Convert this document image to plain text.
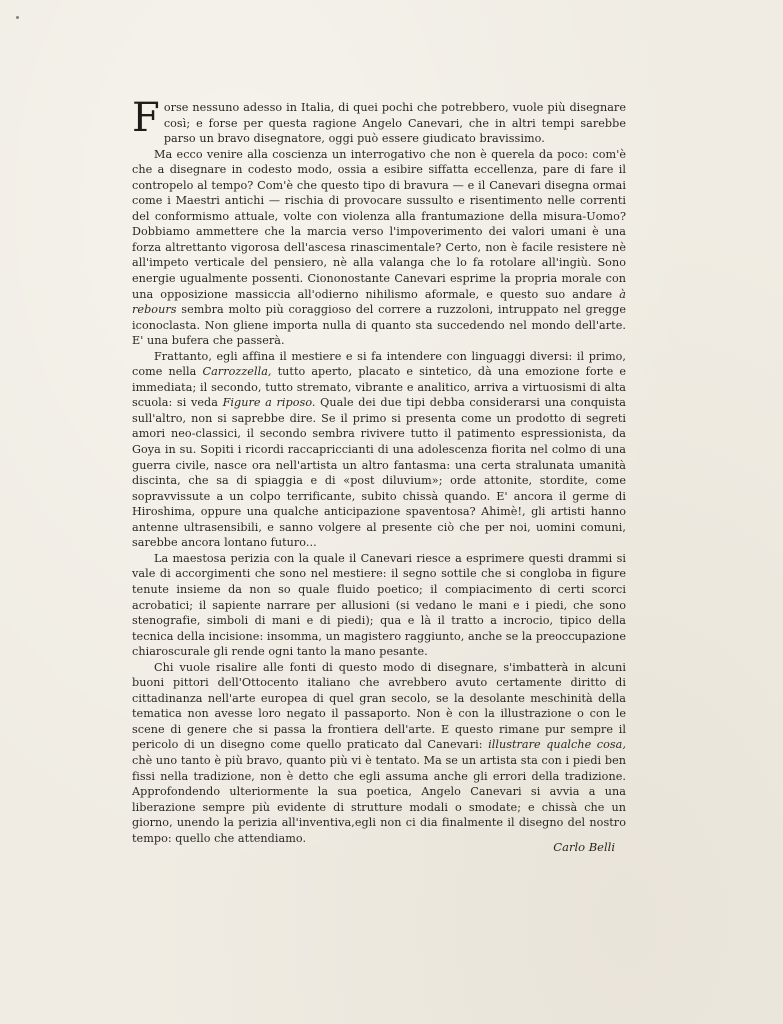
Forse nessuno adesso in Italia, di quei pochi che potrebbero, vuole più disegnare così; e forse per questa ragione Angelo Canevari, che in altri tempi sarebbe parso un bravo disegnatore, oggi può essere giudicato bravissimo.

Ma ecco venire alla coscienza un interrogativo che non è querela da poco: com'è che a disegnare in codesto modo, ossia a esibire siffatta eccellenza, pare di fare il contropelo al tempo? Com'è che questo tipo di bravura — e il Canevari disegna ormai come i Maestri antichi — rischia di provocare sussulto e risentimento nelle correnti del conformismo attuale, volte con violenza alla frantumazione della misura-Uomo? Dobbiamo ammettere che la marcia verso l'impoverimento dei valori umani è una forza altrettanto vigorosa dell'ascesa rinascimentale? Certo, non è facile resistere nè all'impeto verticale del pensiero, nè alla valanga che lo fa rotolare all'ingiù. Sono energie ugualmente possenti. Ciononostante Canevari esprime la propria morale con una opposizione massiccia all'odierno nihilismo aformale, e questo suo andare à rebours sembra molto più coraggioso del correre a ruzzoloni, intruppato nel gregge iconoclasta. Non gliene importa nulla di quanto sta succedendo nel mondo dell'arte. E' una bufera che passerà.

Frattanto, egli affina il mestiere e si fa intendere con linguaggi diversi: il primo, come nella Carrozzella, tutto aperto, placato e sintetico, dà una emozione forte e immediata; il secondo, tutto stremato, vibrante e analitico, arriva a virtuosismi di alta scuola: si veda Figure a riposo. Quale dei due tipi debba considerarsi una conquista sull'altro, non si saprebbe dire. Se il primo si presenta come un prodotto di segreti amori neo-classici, il secondo sembra rivivere tutto il patimento espressionista, da Goya in su. Sopiti i ricordi raccapriccianti di una adolescenza fiorita nel colmo di una guerra civile, nasce ora nell'artista un altro fantasma: una certa stralunata umanità discinta, che sa di spiaggia e di «post diluvium»; orde attonite, stordite, come sopravvissute a un colpo terrificante, subito chissà quando. E' ancora il germe di Hiroshima, oppure una qualche anticipazione spaventosa? Ahimè!, gli artisti hanno antenne ultrasensibili, e sanno volgere al presente ciò che per noi, uomini comuni, sarebbe ancora lontano futuro...

La maestosa perizia con la quale il Canevari riesce a esprimere questi drammi si vale di accorgimenti che sono nel mestiere: il segno sottile che si congloba in figure tenute insieme da non so quale fluido poetico; il compiacimento di certi scorci acrobatici; il sapiente narrare per allusioni (si vedano le mani e i piedi, che sono stenografie, simboli di mani e di piedi); qua e là il tratto a incrocio, tipico della tecnica della incisione: insomma, un magistero raggiunto, anche se la preoccupazione chiaroscurale gli rende ogni tanto la mano pesante.

Chi vuole risalire alle fonti di questo modo di disegnare, s'imbatterà in alcuni buoni pittori dell'Ottocento italiano che avrebbero avuto certamente diritto di cittadinanza nell'arte europea di quel gran secolo, se la desolante meschinità della tematica non avesse loro negato il passaporto. Non è con la illustrazione o con le scene di genere che si passa la frontiera dell'arte. E questo rimane pur sempre il pericolo di un disegno come quello praticato dal Canevari: illustrare qualche cosa, chè uno tanto è più bravo, quanto più vi è tentato. Ma se un artista sta con i piedi ben fissi nella tradizione, non è detto che egli assuma anche gli errori della tradizione. Approfondendo ulteriormente la sua poetica, Angelo Canevari si avvia a una liberazione sempre più evidente di strutture modali o smodate; e chissà che un giorno, unendo la perizia all'inventiva,egli non ci dia finalmente il disegno del nostro tempo: quello che attendiamo.

Carlo Belli
